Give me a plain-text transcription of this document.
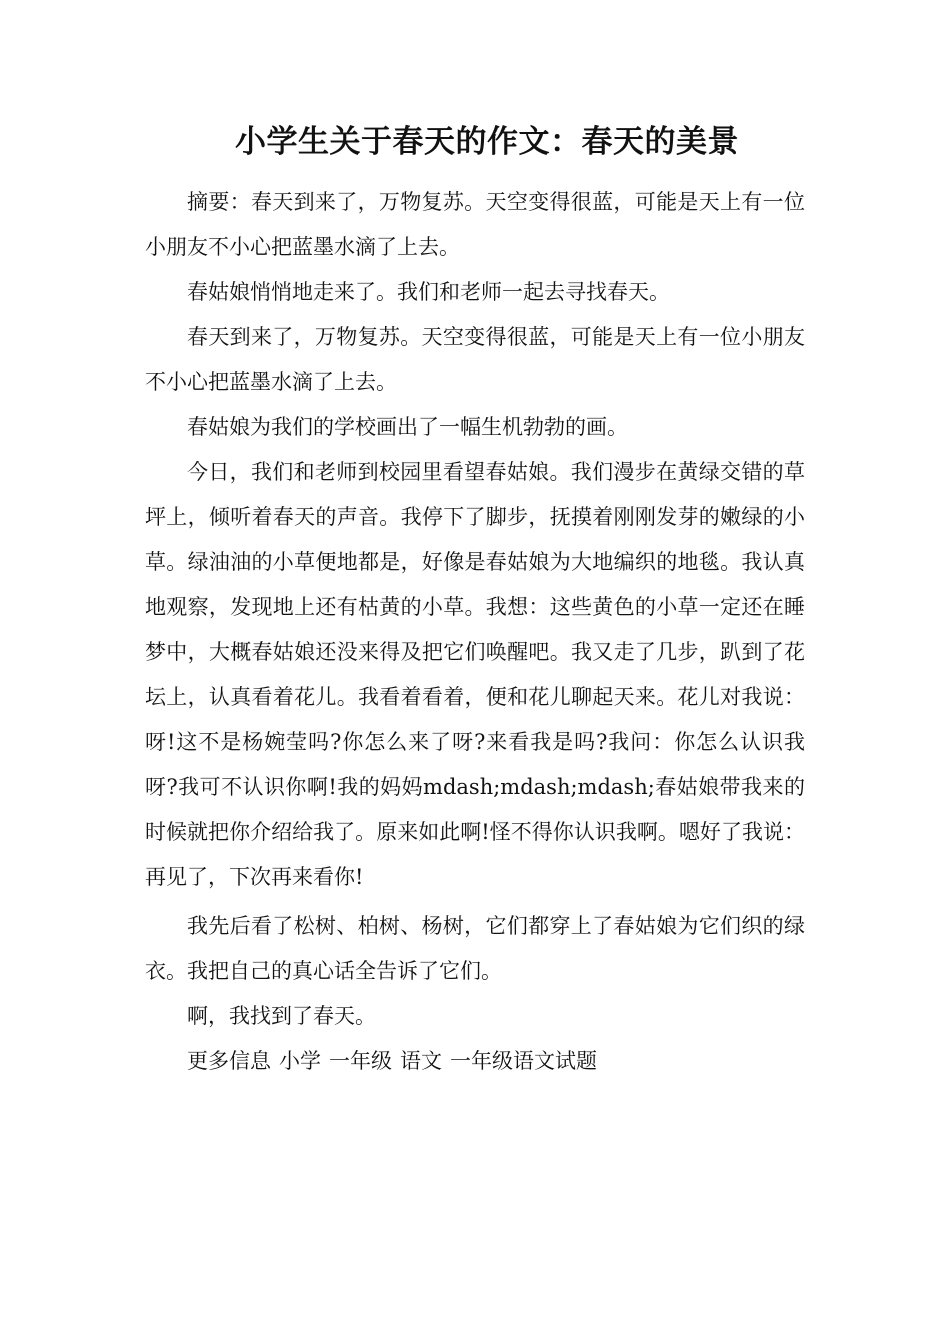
小学生关于春天的作文：春天的美景

摘要：春天到来了，万物复苏。天空变得很蓝，可能是天上有一位小朋友不小心把蓝墨水滴了上去。

春姑娘悄悄地走来了。我们和老师一起去寻找春天。

春天到来了，万物复苏。天空变得很蓝，可能是天上有一位小朋友不小心把蓝墨水滴了上去。

春姑娘为我们的学校画出了一幅生机勃勃的画。

今日，我们和老师到校园里看望春姑娘。我们漫步在黄绿交错的草坪上，倾听着春天的声音。我停下了脚步，抚摸着刚刚发芽的嫩绿的小草。绿油油的小草便地都是，好像是春姑娘为大地编织的地毯。我认真地观察，发现地上还有枯黄的小草。我想：这些黄色的小草一定还在睡梦中，大概春姑娘还没来得及把它们唤醒吧。我又走了几步，趴到了花坛上，认真看着花儿。我看着看着，便和花儿聊起天来。花儿对我说：呀!这不是杨婉莹吗?你怎么来了呀?来看我是吗?我问：你怎么认识我呀?我可不认识你啊!我的妈妈mdash;mdash;mdash;春姑娘带我来的时候就把你介绍给我了。原来如此啊!怪不得你认识我啊。嗯好了我说：再见了，下次再来看你!

我先后看了松树、柏树、杨树，它们都穿上了春姑娘为它们织的绿衣。我把自己的真心话全告诉了它们。

啊，我找到了春天。

更多信息 小学 一年级 语文 一年级语文试题
